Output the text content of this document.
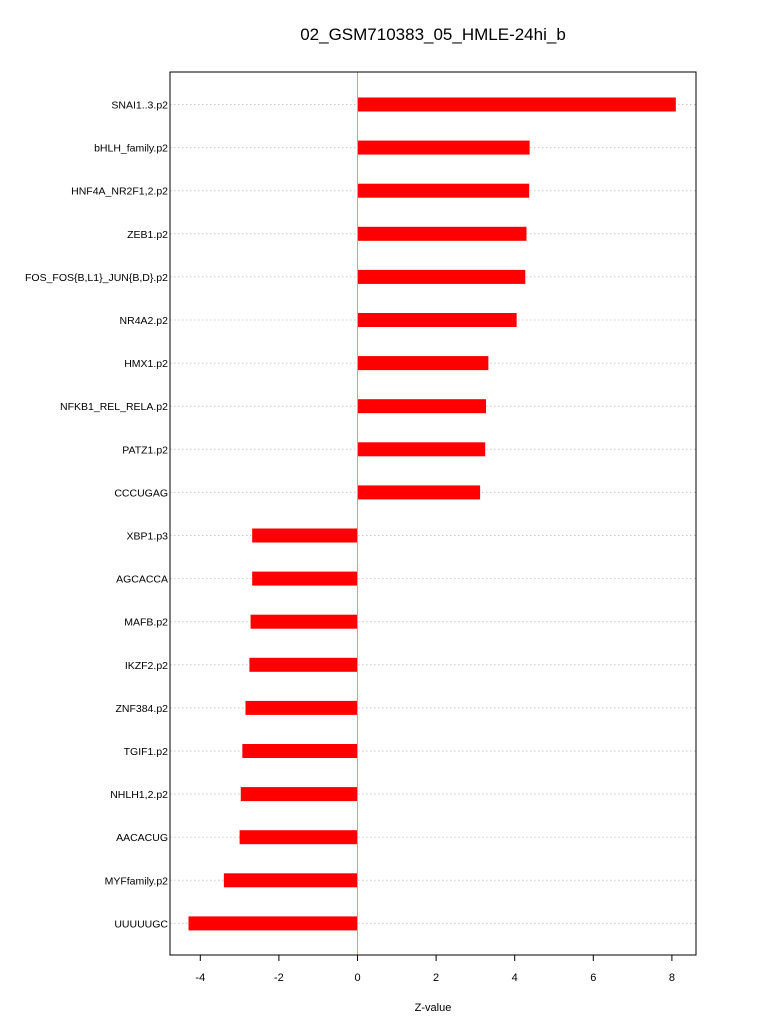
02_GSM710383_05_HMLE-24hi_b
SNAI1..3.p2
bHLH_family.p2
HNF4A_NR2F1,2.p2
ZEB1.p2
FOS_FOS{B,L1}_JUN{B,D}.p2
NR4A2.p2
HMX1.p2
NFKB1_REL_RELA.p2
PATZ1.p2
CCCUGAG
XBP1.p3
AGCACCA
MAFB.p2
IKZF2.p2
ZNF384.p2
TGIF1.p2
NHLH1,2.p2
AACACUG
MYFfamily.p2
UUUUUGC
-4	-2	0	2	4	6	8
Z-value
